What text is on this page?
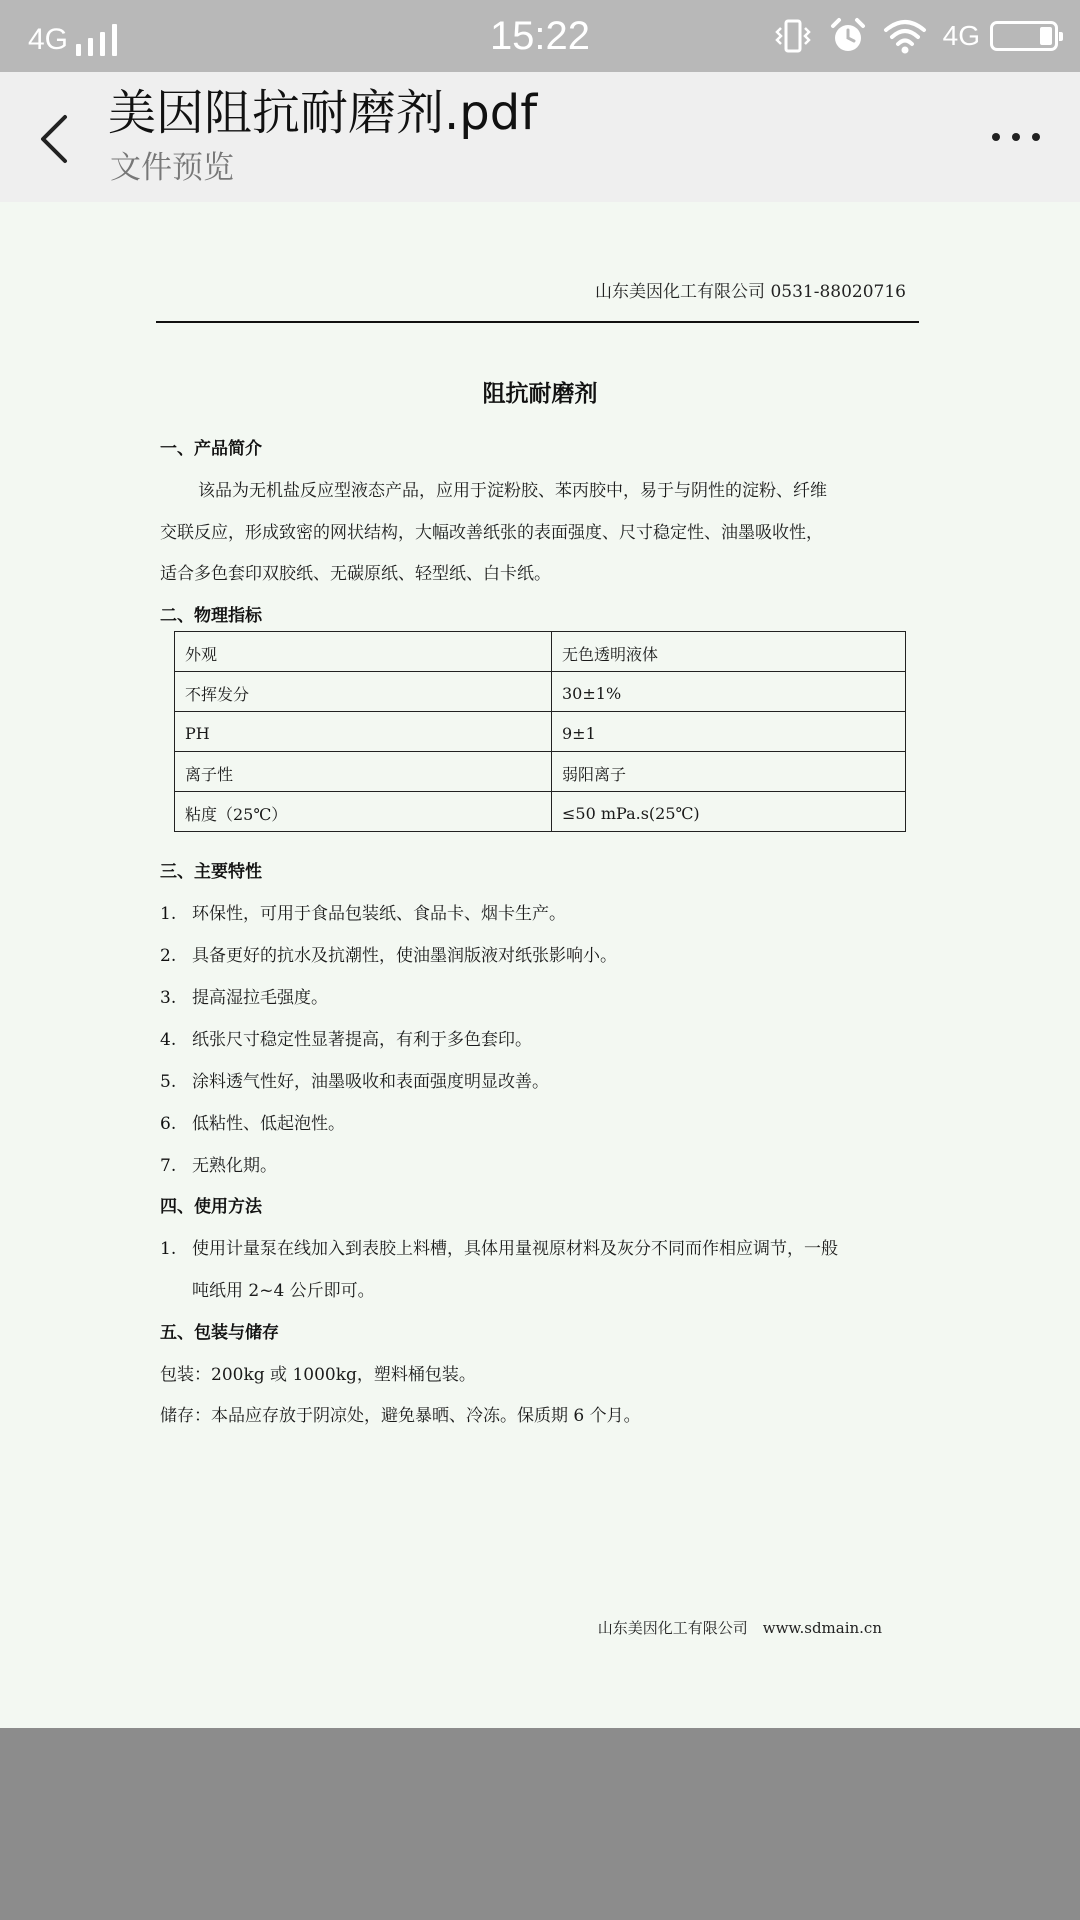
4G	15:22	4G
美因阻抗耐磨剂.pdf
文件预览
山东美因化工有限公司 0531-88020716
阻抗耐磨剂
一、产品简介
该品为无机盐反应型液态产品，应用于淀粉胶、苯丙胶中，易于与阴性的淀粉、纤维
交联反应，形成致密的网状结构，大幅改善纸张的表面强度、尺寸稳定性、油墨吸收性，
适合多色套印双胶纸、无碳原纸、轻型纸、白卡纸。
二、物理指标
外观	无色透明液体
不挥发分	30±1%
PH	9±1
离子性	弱阳离子
粘度（25℃）	≤50 mPa.s(25℃)
三、主要特性
1. 环保性，可用于食品包装纸、食品卡、烟卡生产。
2. 具备更好的抗水及抗潮性，使油墨润版液对纸张影响小。
3. 提高湿拉毛强度。
4. 纸张尺寸稳定性显著提高，有利于多色套印。
5. 涂料透气性好，油墨吸收和表面强度明显改善。
6. 低粘性、低起泡性。
7. 无熟化期。
四、使用方法
1. 使用计量泵在线加入到表胶上料槽，具体用量视原材料及灰分不同而作相应调节，一般
吨纸用 2~4 公斤即可。
五、包装与储存
包装：200kg 或 1000kg，塑料桶包装。
储存：本品应存放于阴凉处，避免暴晒、冷冻。保质期 6 个月。
山东美因化工有限公司　www.sdmain.cn
